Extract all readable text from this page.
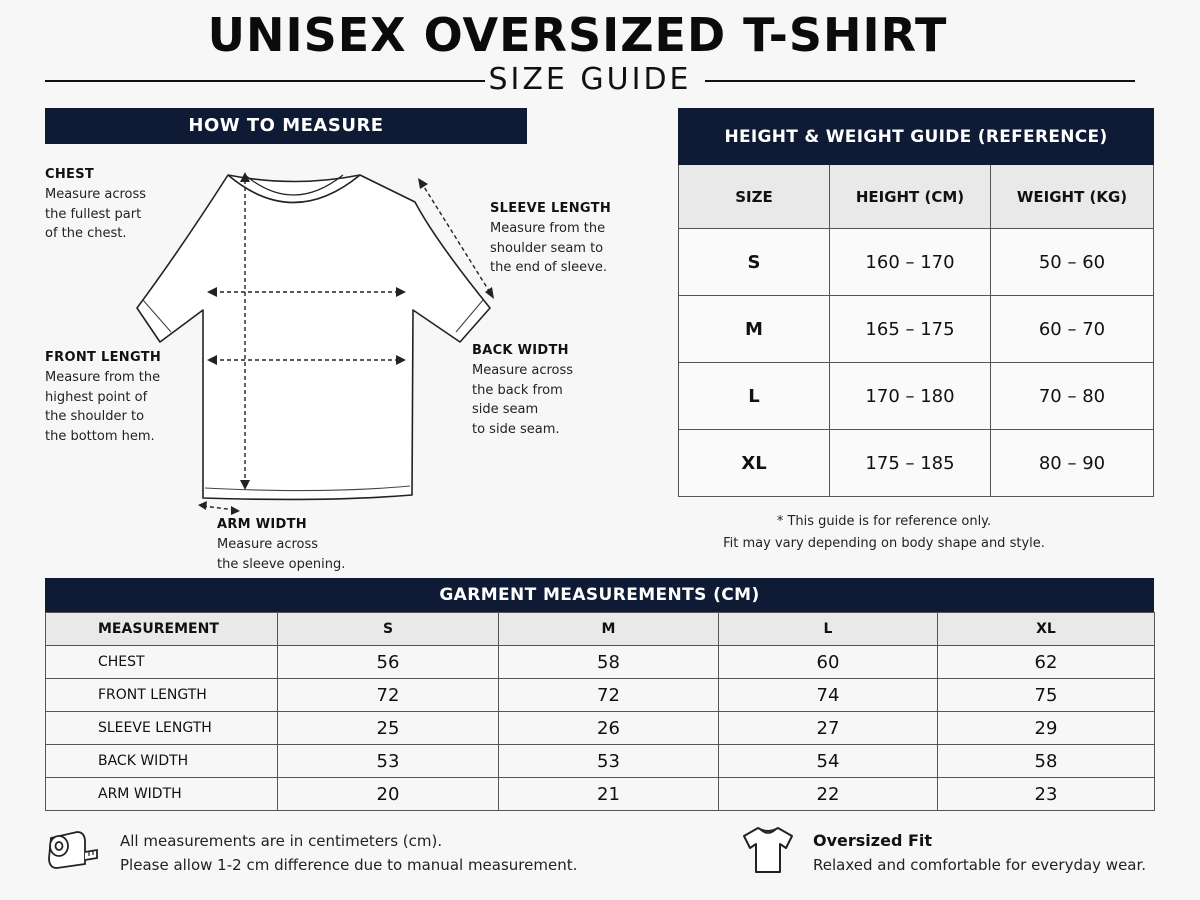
UNISEX OVERSIZED T-SHIRT
SIZE GUIDE
HOW TO MEASURE
CHEST
Measure across
the fullest part
of the chest.
SLEEVE LENGTH
Measure from the
shoulder seam to
the end of sleeve.
FRONT LENGTH
Measure from the
highest point of
the shoulder to
the bottom hem.
BACK WIDTH
Measure across
the back from
side seam
to side seam.
ARM WIDTH
Measure across
the sleeve opening.
HEIGHT & WEIGHT GUIDE (REFERENCE)		
SIZE	HEIGHT (CM)	WEIGHT (KG)
S	160 – 170	50 – 60
M	165 – 175	60 – 70
L	170 – 180	70 – 80
XL	175 – 185	80 – 90
* This guide is for reference only.
Fit may vary depending on body shape and style.
GARMENT MEASUREMENTS (CM)
MEASUREMENT	S	M	L	XL
CHEST	56	58	60	62
FRONT LENGTH	72	72	74	75
SLEEVE LENGTH	25	26	27	29
BACK WIDTH	53	53	54	58
ARM WIDTH	20	21	22	23
All measurements are in centimeters (cm).
Please allow 1-2 cm difference due to manual measurement.
Oversized Fit
Relaxed and comfortable for everyday wear.
